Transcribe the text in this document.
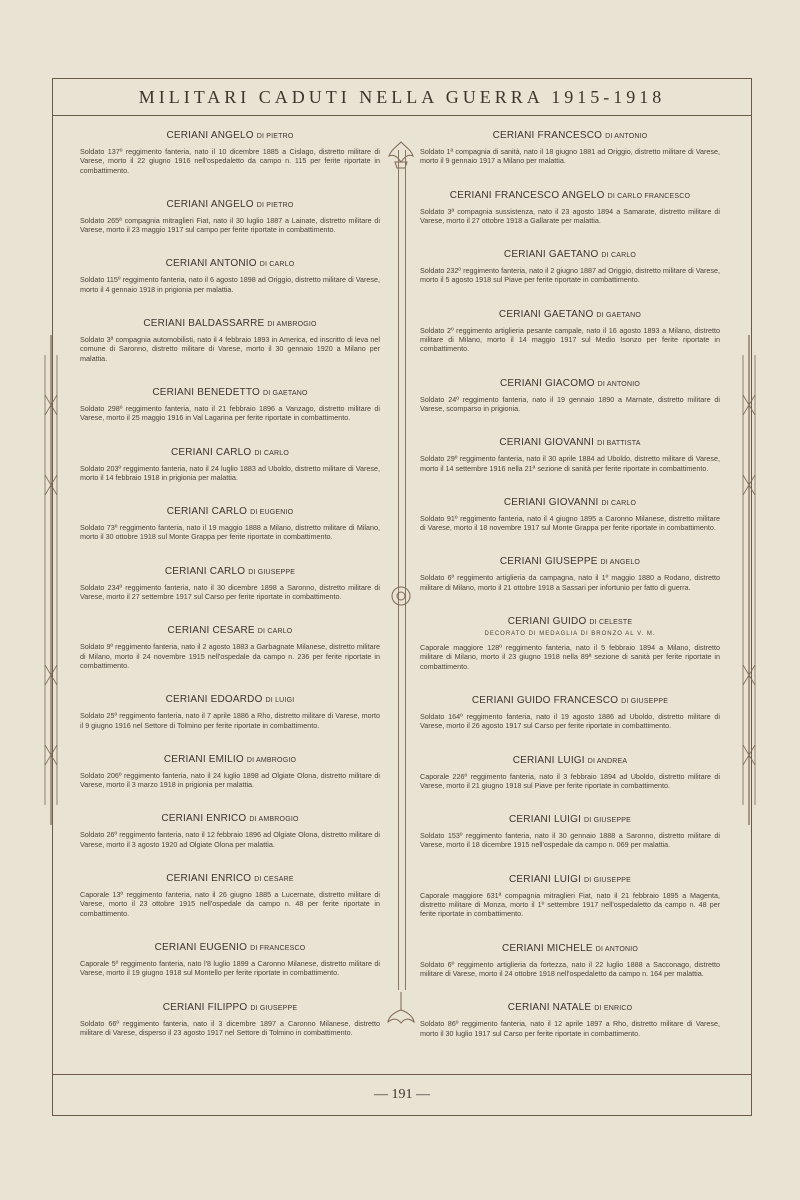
MILITARI CADUTI NELLA GUERRA 1915-1918
— 191 —
CERIANI ANGELO DI PIETRO
Soldato 137º reggimento fanteria, nato il 10 dicembre 1885 a Cislago, distretto militare di Varese, morto il 22 giugno 1916 nell'ospedaletto da campo n. 115 per ferite riportate in combattimento.
CERIANI ANGELO DI PIETRO
Soldato 265ª compagnia mitraglieri Fiat, nato il 30 luglio 1887 a Lainate, distretto militare di Varese, morto il 23 maggio 1917 sul campo per ferite riportate in combattimento.
CERIANI ANTONIO DI CARLO
Soldato 115º reggimento fanteria, nato il 6 agosto 1898 ad Origgio, distretto militare di Varese, morto il 4 gennaio 1918 in prigionia per malattia.
CERIANI BALDASSARRE DI AMBROGIO
Soldato 3ª compagnia automobilisti, nato il 4 febbraio 1893 in America, ed inscritto di leva nel comune di Saronno, distretto militare di Varese, morto il 30 gennaio 1920 a Milano per malattia.
CERIANI BENEDETTO DI GAETANO
Soldato 298º reggimento fanteria, nato il 21 febbraio 1896 a Vanzago, distretto militare di Varese, morto il 25 maggio 1916 in Val Lagarina per ferite riportate in combattimento.
CERIANI CARLO DI CARLO
Soldato 203º reggimento fanteria, nato il 24 luglio 1883 ad Uboldo, distretto militare di Varese, morto il 14 febbraio 1918 in prigionia per malattia.
CERIANI CARLO DI EUGENIO
Soldato 73º reggimento fanteria, nato il 19 maggio 1888 a Milano, distretto militare di Milano, morto il 30 ottobre 1918 sul Monte Grappa per ferite riportate in combattimento.
CERIANI CARLO DI GIUSEPPE
Soldato 234º reggimento fanteria, nato il 30 dicembre 1898 a Saronno, distretto militare di Varese, morto il 27 settembre 1917 sul Carso per ferite riportate in combattimento.
CERIANI CESARE DI CARLO
Soldato 9º reggimento fanteria, nato il 2 agosto 1883 a Garbagnate Milanese, distretto militare di Milano, morto il 24 novembre 1915 nell'ospedale da campo n. 236 per ferite riportate in combattimento.
CERIANI EDOARDO DI LUIGI
Soldato 25º reggimento fanteria, nato il 7 aprile 1886 a Rho, distretto militare di Varese, morto il 9 giugno 1916 nel Settore di Tolmino per ferite riportate in combattimento.
CERIANI EMILIO DI AMBROGIO
Soldato 206º reggimento fanteria, nato il 24 luglio 1898 ad Olgiate Olona, distretto militare di Varese, morto il 3 marzo 1918 in prigionia per malattia.
CERIANI ENRICO DI AMBROGIO
Soldato 26º reggimento fanteria, nato il 12 febbraio 1896 ad Olgiate Olona, distretto militare di Varese, morto il 3 agosto 1920 ad Olgiate Olona per malattia.
CERIANI ENRICO DI CESARE
Caporale 13º reggimento fanteria, nato il 26 giugno 1885 a Lucernate, distretto militare di Varese, morto il 23 ottobre 1915 nell'ospedale da campo n. 48 per ferite riportate in combattimento.
CERIANI EUGENIO DI FRANCESCO
Caporale 5º reggimento fanteria, nato l'8 luglio 1899 a Caronno Milanese, distretto militare di Varese, morto il 19 giugno 1918 sul Montello per ferite riportate in combattimento.
CERIANI FILIPPO DI GIUSEPPE
Soldato 66º reggimento fanteria, nato il 3 dicembre 1897 a Caronno Milanese, distretto militare di Varese, disperso il 23 agosto 1917 nel Settore di Tolmino in combattimento.
CERIANI FRANCESCO DI ANTONIO
Soldato 1ª compagnia di sanità, nato il 18 giugno 1881 ad Origgio, distretto militare di Varese, morto il 9 gennaio 1917 a Milano per malattia.
CERIANI FRANCESCO ANGELO DI CARLO FRANCESCO
Soldato 3ª compagnia sussistenza, nato il 23 agosto 1894 a Samarate, distretto militare di Varese, morto il 27 ottobre 1918 a Gallarate per malattia.
CERIANI GAETANO DI CARLO
Soldato 232º reggimento fanteria, nato il 2 giugno 1887 ad Origgio, distretto militare di Varese, morto il 5 agosto 1918 sul Piave per ferite riportate in combattimento.
CERIANI GAETANO DI GAETANO
Soldato 2º reggimento artiglieria pesante campale, nato il 16 agosto 1893 a Milano, distretto militare di Milano, morto il 14 maggio 1917 sul Medio Isonzo per ferite riportate in combattimento.
CERIANI GIACOMO DI ANTONIO
Soldato 24º reggimento fanteria, nato il 19 gennaio 1890 a Marnate, distretto militare di Varese, scomparso in prigionia.
CERIANI GIOVANNI DI BATTISTA
Soldato 29º reggimento fanteria, nato il 30 aprile 1884 ad Uboldo, distretto militare di Varese, morto il 14 settembre 1916 nella 21ª sezione di sanità per ferite riportate in combattimento.
CERIANI GIOVANNI DI CARLO
Soldato 91º reggimento fanteria, nato il 4 giugno 1895 a Caronno Milanese, distretto militare di Varese, morto il 18 novembre 1917 sul Monte Grappa per ferite riportate in combattimento.
CERIANI GIUSEPPE DI ANGELO
Soldato 6º reggimento artiglieria da campagna, nato il 1º maggio 1880 a Rodano, distretto militare di Milano, morto il 21 ottobre 1918 a Sassari per infortunio per fatto di guerra.
CERIANI GUIDO DI CELESTE
DECORATO DI MEDAGLIA DI BRONZO AL V. M.
Caporale maggiore 128º reggimento fanteria, nato il 5 febbraio 1894 a Milano, distretto militare di Milano, morto il 23 giugno 1918 nella 89ª sezione di sanità per ferite riportate in combattimento.
CERIANI GUIDO FRANCESCO DI GIUSEPPE
Soldato 164º reggimento fanteria, nato il 19 agosto 1886 ad Uboldo, distretto militare di Varese, morto il 26 agosto 1917 sul Carso per ferite riportate in combattimento.
CERIANI LUIGI DI ANDREA
Caporale 226º reggimento fanteria, nato il 3 febbraio 1894 ad Uboldo, distretto militare di Varese, morto il 21 giugno 1918 sul Piave per ferite riportate in combattimento.
CERIANI LUIGI DI GIUSEPPE
Soldato 153º reggimento fanteria, nato il 30 gennaio 1888 a Saronno, distretto militare di Varese, morto il 18 dicembre 1915 nell'ospedale da campo n. 069 per malattia.
CERIANI LUIGI DI GIUSEPPE
Caporale maggiore 631ª compagnia mitraglieri Fiat, nato il 21 febbraio 1895 a Magenta, distretto militare di Monza, morto il 1º settembre 1917 nell'ospedaletto da campo n. 48 per ferite riportate in combattimento.
CERIANI MICHELE DI ANTONIO
Soldato 6º reggimento artiglieria da fortezza, nato il 22 luglio 1888 a Sacconago, distretto militare di Varese, morto il 24 ottobre 1918 nell'ospedaletto da campo n. 164 per malattia.
CERIANI NATALE DI ENRICO
Soldato 86º reggimento fanteria, nato il 12 aprile 1897 a Rho, distretto militare di Varese, morto il 30 luglio 1917 sul Carso per ferite riportate in combattimento.
